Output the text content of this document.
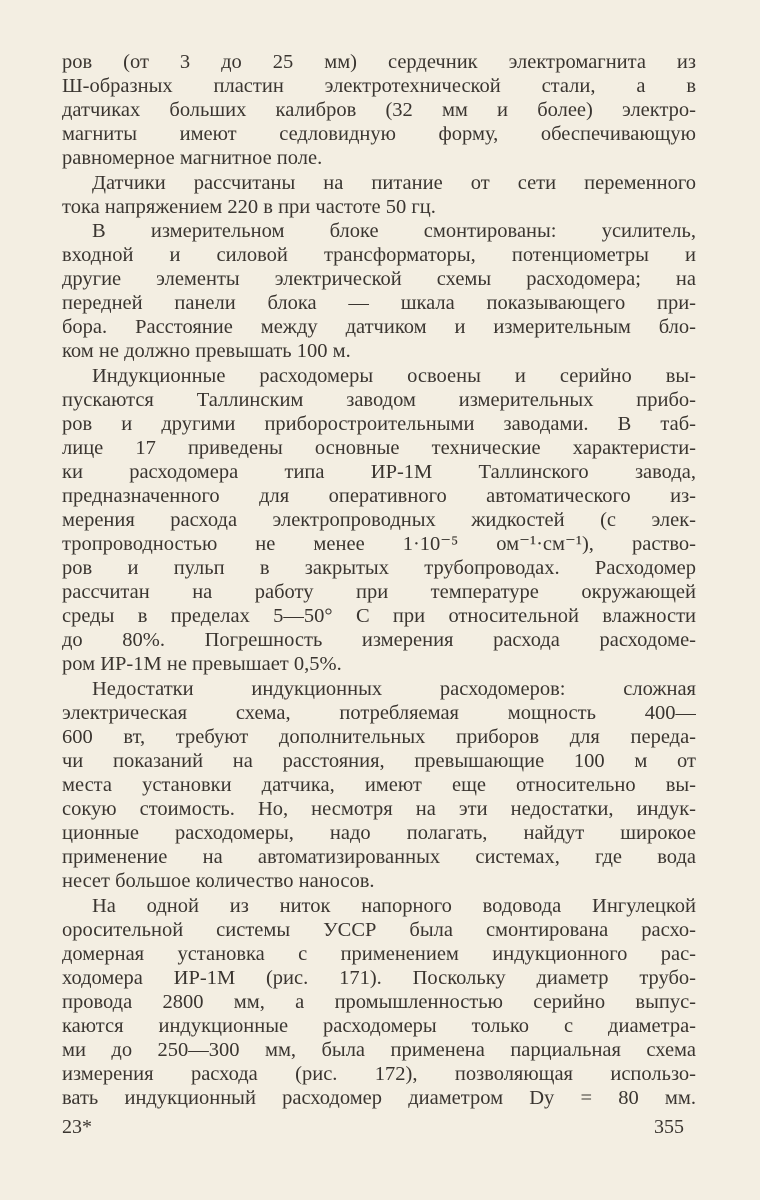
ров (от 3 до 25 мм) сердечник электромагнита из
Ш-образных пластин электротехнической стали, а в
датчиках больших калибров (32 мм и более) электро-
магниты имеют седловидную форму, обеспечивающую
равномерное магнитное поле.
Датчики рассчитаны на питание от сети переменного
тока напряжением 220 в при частоте 50 гц.
В измерительном блоке смонтированы: усилитель,
входной и силовой трансформаторы, потенциометры и
другие элементы электрической схемы расходомера; на
передней панели блока — шкала показывающего при-
бора. Расстояние между датчиком и измерительным бло-
ком не должно превышать 100 м.
Индукционные расходомеры освоены и серийно вы-
пускаются Таллинским заводом измерительных прибо-
ров и другими приборостроительными заводами. В таб-
лице 17 приведены основные технические характеристи-
ки расходомера типа ИР-1М Таллинского завода,
предназначенного для оперативного автоматического из-
мерения расхода электропроводных жидкостей (с элек-
тропроводностью не менее 1·10⁻⁵ ом⁻¹·см⁻¹), раство-
ров и пульп в закрытых трубопроводах. Расходомер
рассчитан на работу при температуре окружающей
среды в пределах 5—50° С при относительной влажности
до 80%. Погрешность измерения расхода расходоме-
ром ИР-1М не превышает 0,5%.
Недостатки индукционных расходомеров: сложная
электрическая схема, потребляемая мощность 400—
600 вт, требуют дополнительных приборов для переда-
чи показаний на расстояния, превышающие 100 м от
места установки датчика, имеют еще относительно вы-
сокую стоимость. Но, несмотря на эти недостатки, индук-
ционные расходомеры, надо полагать, найдут широкое
применение на автоматизированных системах, где вода
несет большое количество наносов.
На одной из ниток напорного водовода Ингулецкой
оросительной системы УССР была смонтирована расхо-
домерная установка с применением индукционного рас-
ходомера ИР-1М (рис. 171). Поскольку диаметр трубо-
провода 2800 мм, а промышленностью серийно выпус-
каются индукционные расходомеры только с диаметра-
ми до 250—300 мм, была применена парциальная схема
измерения расхода (рис. 172), позволяющая использо-
вать индукционный расходомер диаметром Dу = 80 мм.
23*	355
